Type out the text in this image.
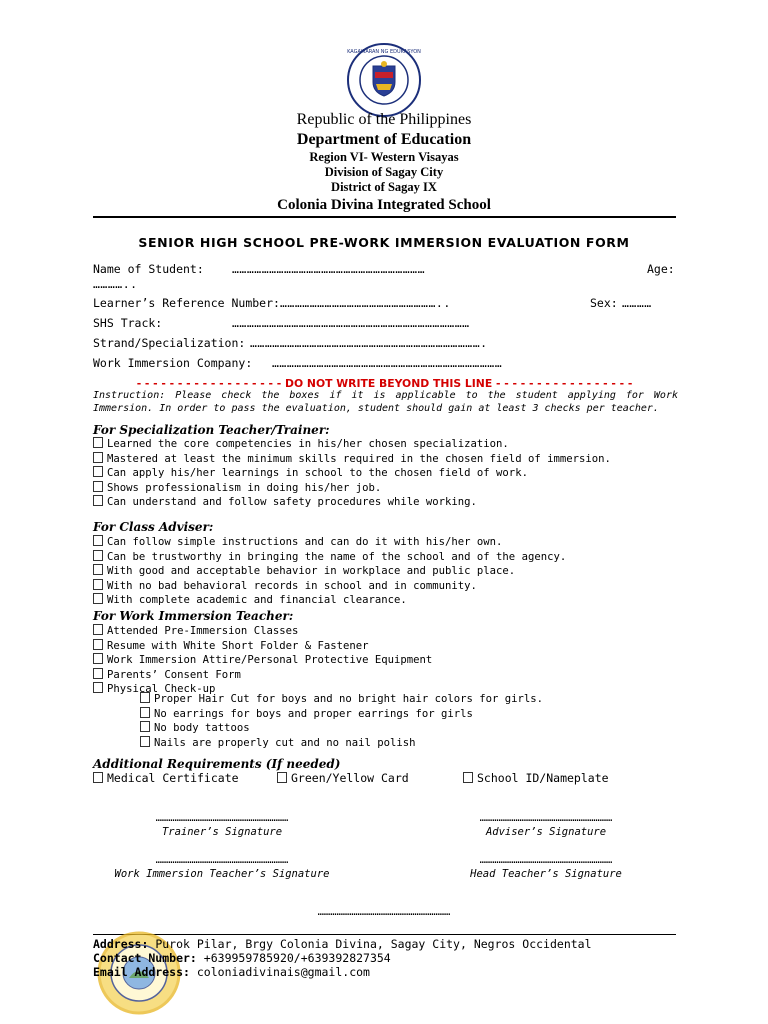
KAGAWARAN NG EDUKASYON
Republic of the Philippines
Department of Education
Region VI- Western Visayas
Division of Sagay City
District of Sagay IX
Colonia Divina Integrated School
SENIOR HIGH SCHOOL PRE-WORK IMMERSION EVALUATION FORM
Name of Student: ……………………………………………………………………	Age:
…………..
Learner’s Reference Number: ………………………………………………………..	Sex: …………
SHS Track:	……………………………………………………………………………………
Strand/Specialization: ………………………………………………………………………………….
Work Immersion Company: …………………………………………………………………………………
- - - - - - - - - - - - - - - - - - DO NOT WRITE BEYOND THIS LINE - - - - - - - - - - - - - - - - -
Instruction: Please check the boxes if it is applicable to the student applying for Work Immersion. In order to pass the evaluation, student should gain at least 3 checks per teacher.
For Specialization Teacher/Trainer:
Learned the core competencies in his/her chosen specialization.
Mastered at least the minimum skills required in the chosen field of immersion.
Can apply his/her learnings in school to the chosen field of work.
Shows professionalism in doing his/her job.
Can understand and follow safety procedures while working.
For Class Adviser:
Can follow simple instructions and can do it with his/her own.
Can be trustworthy in bringing the name of the school and of the agency.
With good and acceptable behavior in workplace and public place.
With no bad behavioral records in school and in community.
With complete academic and financial clearance.
For Work Immersion Teacher:
Attended Pre-Immersion Classes
Resume with White Short Folder & Fastener
Work Immersion Attire/Personal Protective Equipment
Parents’ Consent Form
Physical Check-up
Proper Hair Cut for boys and no bright hair colors for girls.
No earrings for boys and proper earrings for girls
No body tattoos
Nails are properly cut and no nail polish
Additional Requirements (If needed)
Medical Certificate	Green/Yellow Card	School ID/Nameplate
………………………………………………………
Trainer’s Signature
………………………………………………………
Adviser’s Signature
………………………………………………………
Work Immersion Teacher’s Signature
………………………………………………………
Head Teacher’s Signature
………………………………………………………
Address: Purok Pilar, Brgy Colonia Divina, Sagay City, Negros Occidental
Contact Number: +639959785920/+639392827354
Email Address: coloniadivinais@gmail.com
